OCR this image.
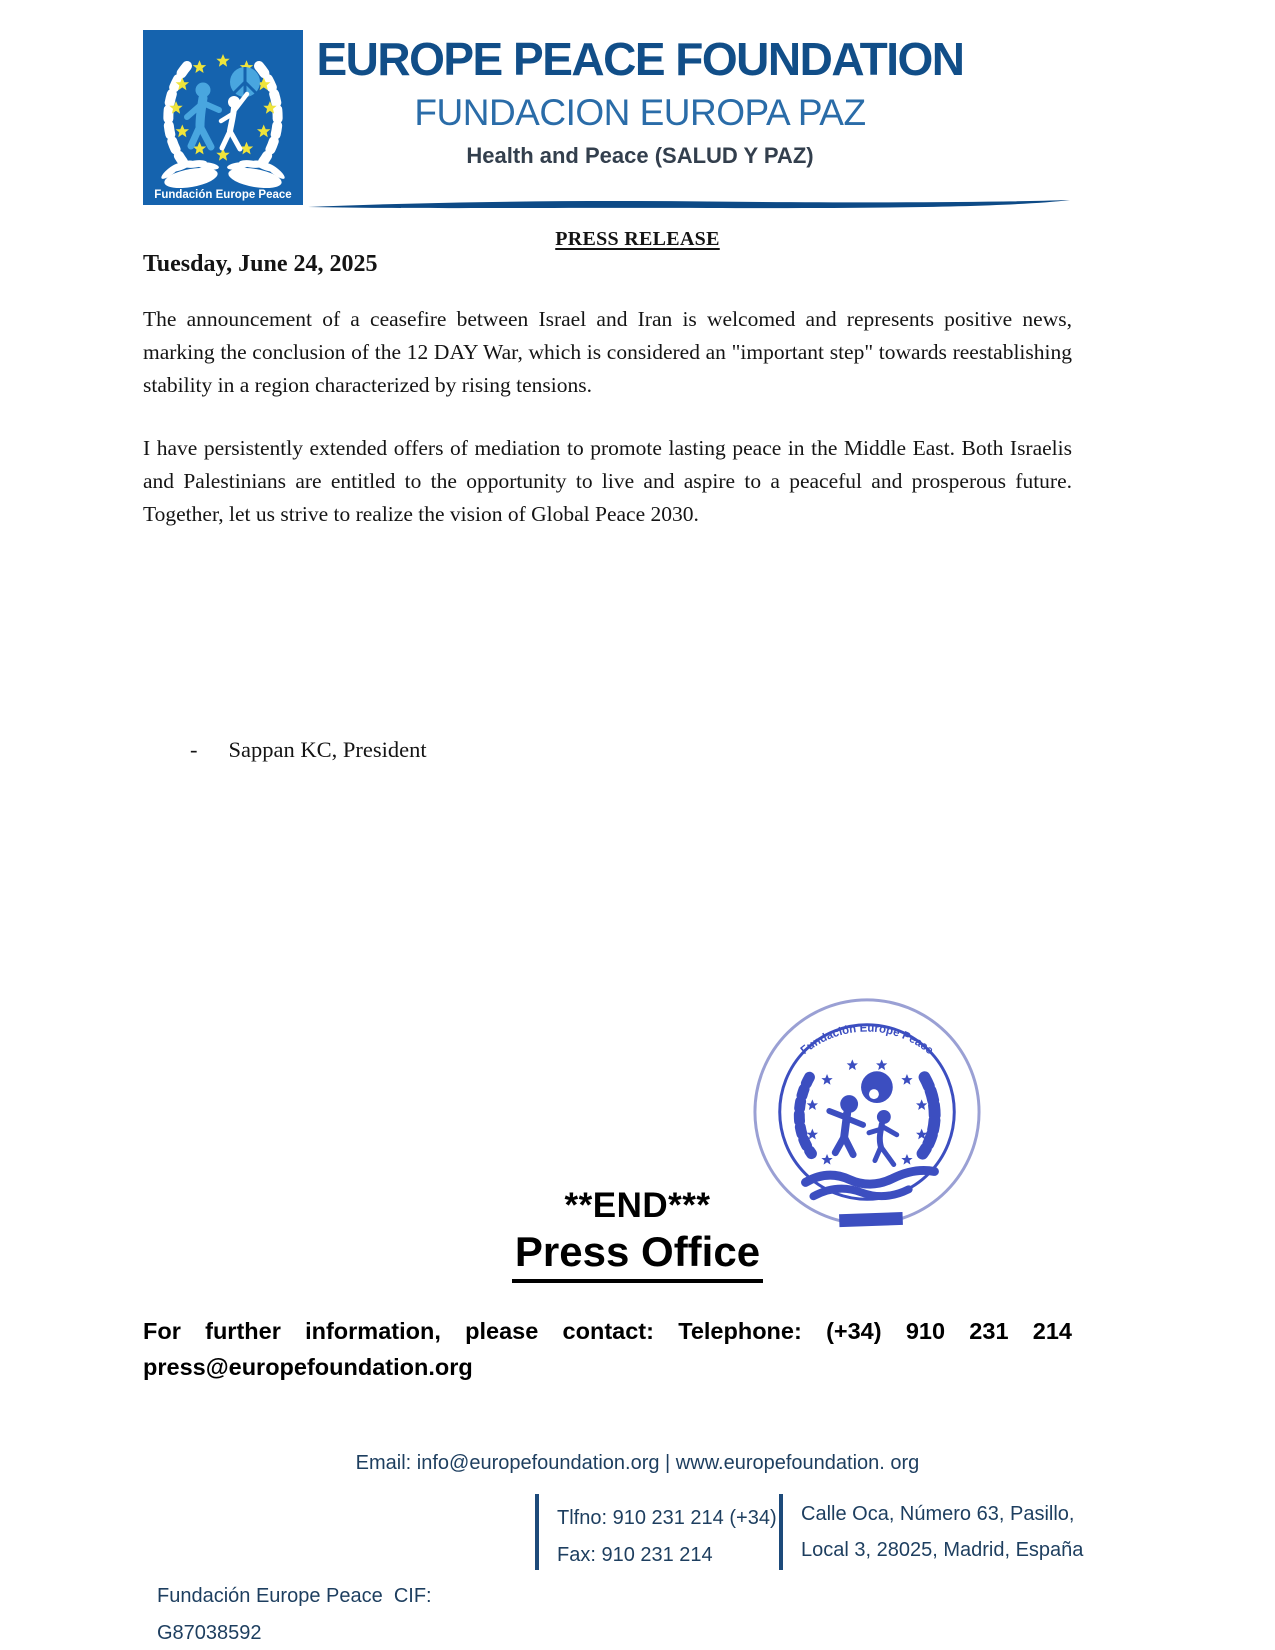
Fundación Europe Peace
EUROPE PEACE FOUNDATION
FUNDACION EUROPA PAZ
Health and Peace (SALUD Y PAZ)
PRESS RELEASE
Tuesday, June 24, 2025

The announcement of a ceasefire between Israel and Iran is welcomed and represents positive news, marking the conclusion of the 12 DAY War, which is considered an "important step" towards reestablishing stability in a region characterized by rising tensions.

I have persistently extended offers of mediation to promote lasting peace in the Middle East. Both Israelis and Palestinians are entitled to the opportunity to live and aspire to a peaceful and prosperous future. Together, let us strive to realize the vision of Global Peace 2030.

- Sappan KC, President
Fundación Europe Peace
**END***
Press Office

For further information, please contact: Telephone: (+34) 910 231 214 press@europefoundation.org

Email: info@europefoundation.org | www.europefoundation. org

Fundación Europe Peace  CIF: G87038592

Tlfno: 910 231 214 (+34)
Fax: 910 231 214
Calle Oca, Número 63, Pasillo,
Local 3, 28025, Madrid, España
